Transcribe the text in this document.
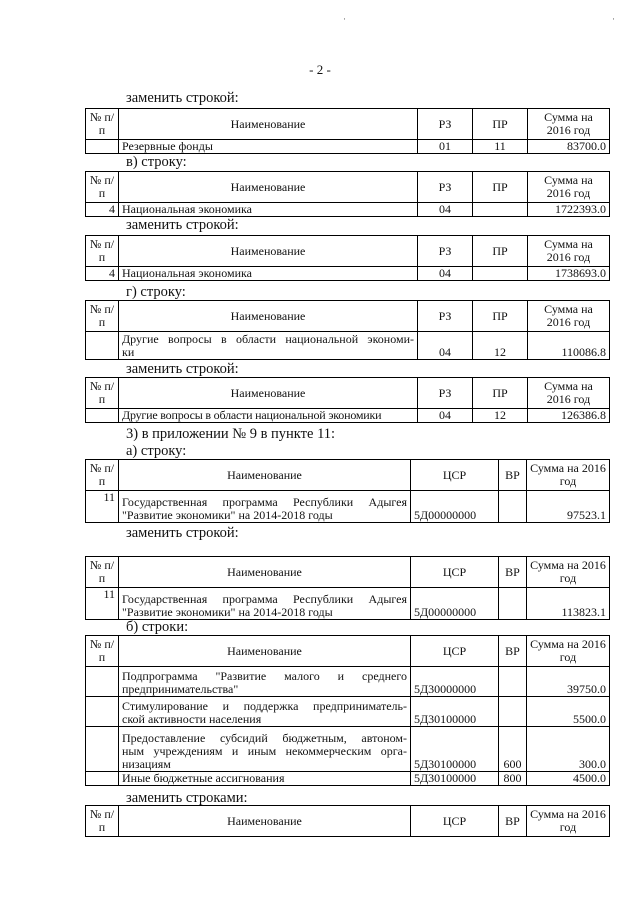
·	·
- 2 -
заменить строкой:
№ п/п	Наименование	РЗ	ПР	Сумма на 2016 год
	Резервные фонды	01	11	83700.0
в) строку:
№ п/п	Наименование	РЗ	ПР	Сумма на 2016 год
4	Национальная экономика	04		1722393.0
заменить строкой:
№ п/п	Наименование	РЗ	ПР	Сумма на 2016 год
4	Национальная экономика	04		1738693.0
г) строку:
№ п/п	Наименование	РЗ	ПР	Сумма на 2016 год

	Другие вопросы в области национальной экономи-
ки	04	12	110086.8
заменить строкой:
№ п/п	Наименование	РЗ	ПР	Сумма на 2016 год
	Другие вопросы в области национальной экономики	04	12	126386.8
3) в приложении № 9 в пункте 11:
а) строку:
№ п/п	Наименование	ЦСР	ВР	Сумма на 2016 год
11	Государственная программа Республики Адыгея
"Развитие экономики" на 2014-2018 годы	5Д00000000		97523.1
заменить строкой:
№ п/п	Наименование	ЦСР	ВР	Сумма на 2016 год
11	Государственная программа Республики Адыгея
"Развитие экономики" на 2014-2018 годы	5Д00000000		113823.1
б) строки:
№ п/п	Наименование	ЦСР	ВР	Сумма на 2016 год

	Подпрограмма "Развитие малого и среднего
предпринимательства"	5Д30000000		39750.0

	Стимулирование и поддержка предприниматель-
ской активности населения	5Д30100000		5500.0

	Предоставление субсидий бюджетным, автоном-
ным учреждениям и иным некоммерческим орга-
низациям	5Д30100000	600	300.0
	Иные бюджетные ассигнования	5Д30100000	800	4500.0
заменить строками:
№ п/п	Наименование	ЦСР	ВР	Сумма на 2016 год
